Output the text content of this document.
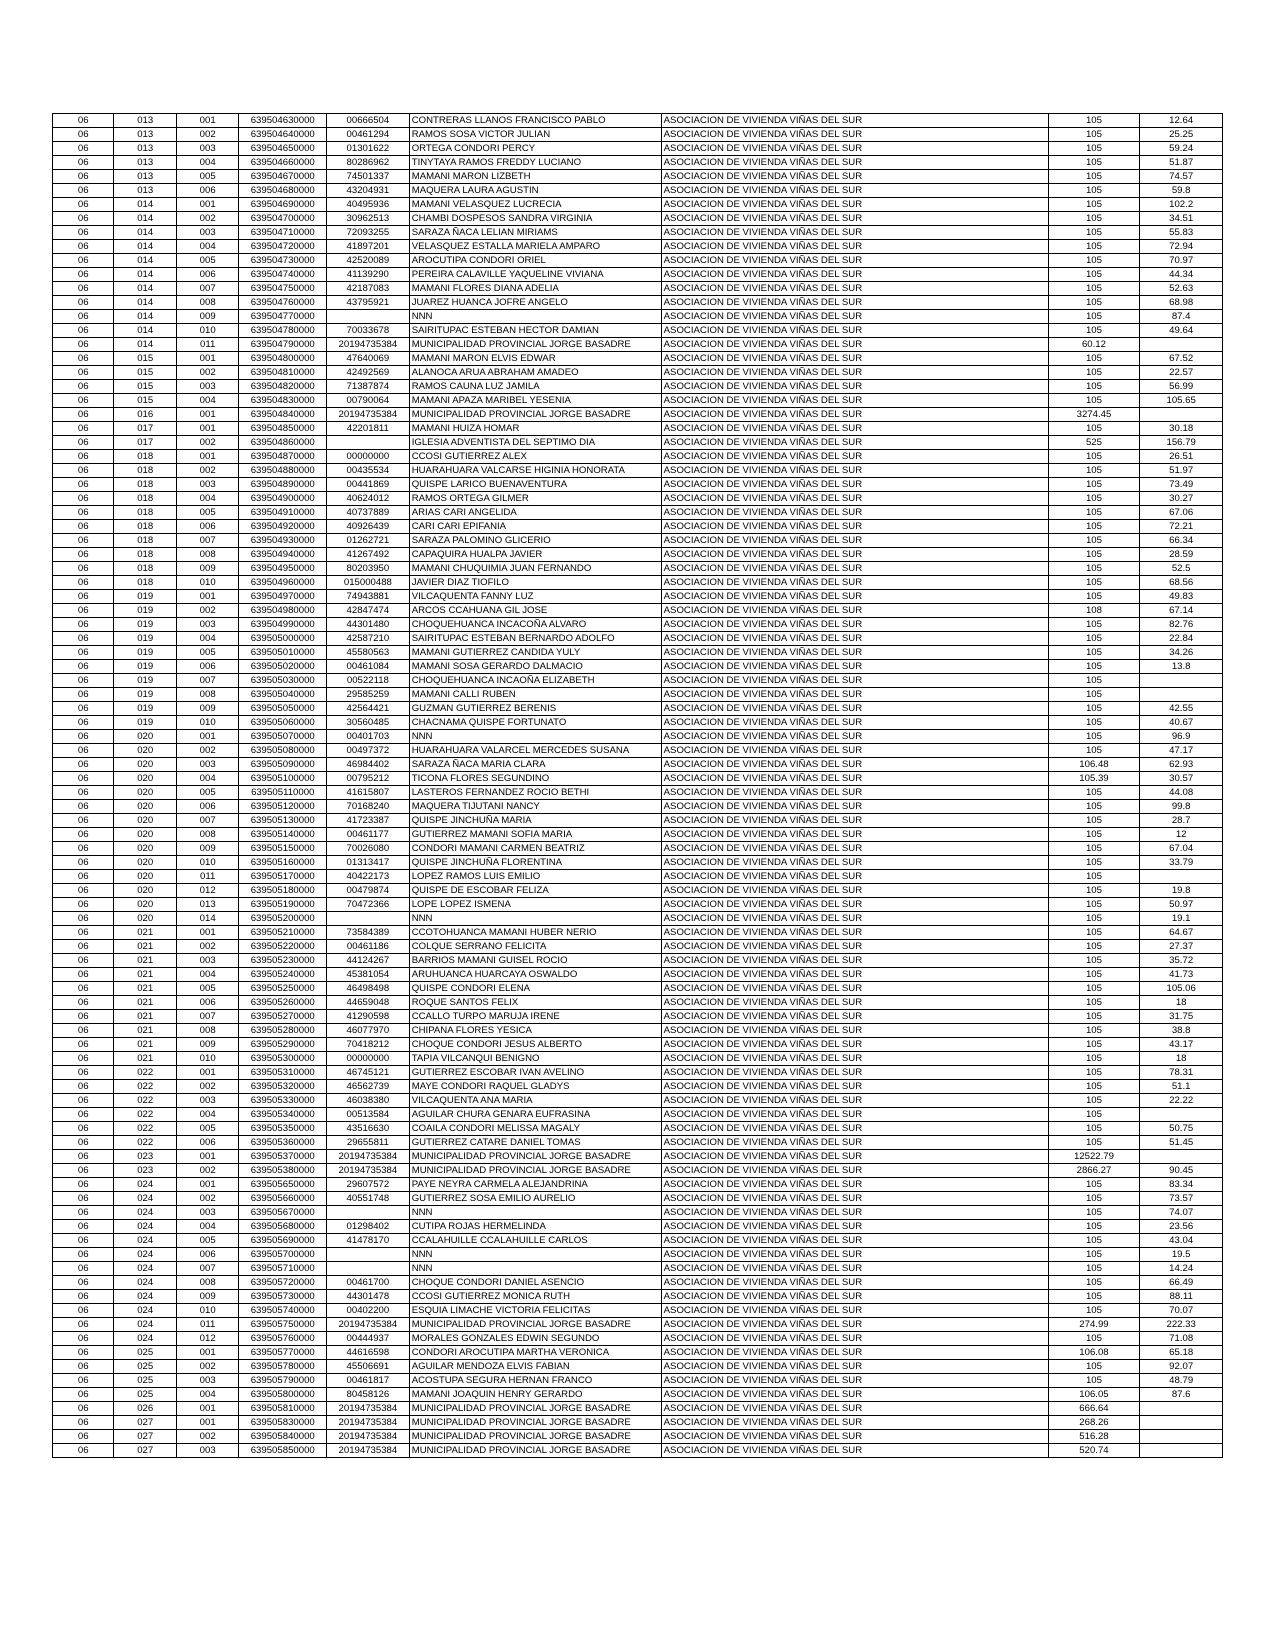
06	013	001	639504630000	00666504	CONTRERAS LLANOS FRANCISCO PABLO	ASOCIACION DE VIVIENDA VIÑAS DEL SUR	105	12.64
06	013	002	639504640000	00461294	RAMOS SOSA VICTOR JULIAN	ASOCIACION DE VIVIENDA VIÑAS DEL SUR	105	25.25
06	013	003	639504650000	01301622	ORTEGA CONDORI PERCY	ASOCIACION DE VIVIENDA VIÑAS DEL SUR	105	59.24
06	013	004	639504660000	80286962	TINYTAYA RAMOS FREDDY LUCIANO	ASOCIACION DE VIVIENDA VIÑAS DEL SUR	105	51.87
06	013	005	639504670000	74501337	MAMANI MARON LIZBETH	ASOCIACION DE VIVIENDA VIÑAS DEL SUR	105	74.57
06	013	006	639504680000	43204931	MAQUERA LAURA AGUSTIN	ASOCIACION DE VIVIENDA VIÑAS DEL SUR	105	59.8
06	014	001	639504690000	40495936	MAMANI VELASQUEZ LUCRECIA	ASOCIACION DE VIVIENDA VIÑAS DEL SUR	105	102.2
06	014	002	639504700000	30962513	CHAMBI DOSPESOS SANDRA VIRGINIA	ASOCIACION DE VIVIENDA VIÑAS DEL SUR	105	34.51
06	014	003	639504710000	72093255	SARAZA ÑACA LELIAN MIRIAMS	ASOCIACION DE VIVIENDA VIÑAS DEL SUR	105	55.83
06	014	004	639504720000	41897201	VELASQUEZ ESTALLA MARIELA AMPARO	ASOCIACION DE VIVIENDA VIÑAS DEL SUR	105	72.94
06	014	005	639504730000	42520089	AROCUTIPA CONDORI ORIEL	ASOCIACION DE VIVIENDA VIÑAS DEL SUR	105	70.97
06	014	006	639504740000	41139290	PEREIRA CALAVILLE YAQUELINE VIVIANA	ASOCIACION DE VIVIENDA VIÑAS DEL SUR	105	44.34
06	014	007	639504750000	42187083	MAMANI FLORES DIANA ADELIA	ASOCIACION DE VIVIENDA VIÑAS DEL SUR	105	52.63
06	014	008	639504760000	43795921	JUAREZ HUANCA JOFRE ANGELO	ASOCIACION DE VIVIENDA VIÑAS DEL SUR	105	68.98
06	014	009	639504770000		NNN	ASOCIACION DE VIVIENDA VIÑAS DEL SUR	105	87.4
06	014	010	639504780000	70033678	SAIRITUPAC ESTEBAN HECTOR DAMIAN	ASOCIACION DE VIVIENDA VIÑAS DEL SUR	105	49.64
06	014	011	639504790000	20194735384	MUNICIPALIDAD PROVINCIAL JORGE BASADRE	ASOCIACION DE VIVIENDA VIÑAS DEL SUR	60.12	
06	015	001	639504800000	47640069	MAMANI MARON ELVIS EDWAR	ASOCIACION DE VIVIENDA VIÑAS DEL SUR	105	67.52
06	015	002	639504810000	42492569	ALANOCA ARUA ABRAHAM AMADEO	ASOCIACION DE VIVIENDA VIÑAS DEL SUR	105	22.57
06	015	003	639504820000	71387874	RAMOS CAUNA LUZ JAMILA	ASOCIACION DE VIVIENDA VIÑAS DEL SUR	105	56.99
06	015	004	639504830000	00790064	MAMANI APAZA MARIBEL YESENIA	ASOCIACION DE VIVIENDA VIÑAS DEL SUR	105	105.65
06	016	001	639504840000	20194735384	MUNICIPALIDAD PROVINCIAL JORGE BASADRE	ASOCIACION DE VIVIENDA VIÑAS DEL SUR	3274.45	
06	017	001	639504850000	42201811	MAMANI HUIZA HOMAR	ASOCIACION DE VIVIENDA VIÑAS DEL SUR	105	30.18
06	017	002	639504860000		IGLESIA ADVENTISTA DEL SEPTIMO DIA	ASOCIACION DE VIVIENDA VIÑAS DEL SUR	525	156.79
06	018	001	639504870000	00000000	CCOSI GUTIERREZ ALEX	ASOCIACION DE VIVIENDA VIÑAS DEL SUR	105	26.51
06	018	002	639504880000	00435534	HUARAHUARA VALCARSE HIGINIA HONORATA	ASOCIACION DE VIVIENDA VIÑAS DEL SUR	105	51.97
06	018	003	639504890000	00441869	QUISPE LARICO BUENAVENTURA	ASOCIACION DE VIVIENDA VIÑAS DEL SUR	105	73.49
06	018	004	639504900000	40624012	RAMOS ORTEGA GILMER	ASOCIACION DE VIVIENDA VIÑAS DEL SUR	105	30.27
06	018	005	639504910000	40737889	ARIAS CARI ANGELIDA	ASOCIACION DE VIVIENDA VIÑAS DEL SUR	105	67.06
06	018	006	639504920000	40926439	CARI CARI EPIFANIA	ASOCIACION DE VIVIENDA VIÑAS DEL SUR	105	72.21
06	018	007	639504930000	01262721	SARAZA PALOMINO GLICERIO	ASOCIACION DE VIVIENDA VIÑAS DEL SUR	105	66.34
06	018	008	639504940000	41267492	CAPAQUIRA HUALPA JAVIER	ASOCIACION DE VIVIENDA VIÑAS DEL SUR	105	28.59
06	018	009	639504950000	80203950	MAMANI CHUQUIMIA JUAN FERNANDO	ASOCIACION DE VIVIENDA VIÑAS DEL SUR	105	52.5
06	018	010	639504960000	015000488	JAVIER DIAZ TIOFILO	ASOCIACION DE VIVIENDA VIÑAS DEL SUR	105	68.56
06	019	001	639504970000	74943881	VILCAQUENTA FANNY LUZ	ASOCIACION DE VIVIENDA VIÑAS DEL SUR	105	49.83
06	019	002	639504980000	42847474	ARCOS CCAHUANA GIL JOSE	ASOCIACION DE VIVIENDA VIÑAS DEL SUR	108	67.14
06	019	003	639504990000	44301480	CHOQUEHUANCA INCACOÑA ALVARO	ASOCIACION DE VIVIENDA VIÑAS DEL SUR	105	82.76
06	019	004	639505000000	42587210	SAIRITUPAC ESTEBAN BERNARDO ADOLFO	ASOCIACION DE VIVIENDA VIÑAS DEL SUR	105	22.84
06	019	005	639505010000	45580563	MAMANI GUTIERREZ CANDIDA YULY	ASOCIACION DE VIVIENDA VIÑAS DEL SUR	105	34.26
06	019	006	639505020000	00461084	MAMANI SOSA GERARDO DALMACIO	ASOCIACION DE VIVIENDA VIÑAS DEL SUR	105	13.8
06	019	007	639505030000	00522118	CHOQUEHUANCA INCAOÑA ELIZABETH	ASOCIACION DE VIVIENDA VIÑAS DEL SUR	105	
06	019	008	639505040000	29585259	MAMANI CALLI RUBEN	ASOCIACION DE VIVIENDA VIÑAS DEL SUR	105	
06	019	009	639505050000	42564421	GUZMAN GUTIERREZ BERENIS	ASOCIACION DE VIVIENDA VIÑAS DEL SUR	105	42.55
06	019	010	639505060000	30560485	CHACNAMA QUISPE FORTUNATO	ASOCIACION DE VIVIENDA VIÑAS DEL SUR	105	40.67
06	020	001	639505070000	00401703	NNN	ASOCIACION DE VIVIENDA VIÑAS DEL SUR	105	96.9
06	020	002	639505080000	00497372	HUARAHUARA VALARCEL MERCEDES SUSANA	ASOCIACION DE VIVIENDA VIÑAS DEL SUR	105	47.17
06	020	003	639505090000	46984402	SARAZA ÑACA MARIA CLARA	ASOCIACION DE VIVIENDA VIÑAS DEL SUR	106.48	62.93
06	020	004	639505100000	00795212	TICONA FLORES SEGUNDINO	ASOCIACION DE VIVIENDA VIÑAS DEL SUR	105.39	30.57
06	020	005	639505110000	41615807	LASTEROS FERNANDEZ ROCIO BETHI	ASOCIACION DE VIVIENDA VIÑAS DEL SUR	105	44.08
06	020	006	639505120000	70168240	MAQUERA TIJUTANI NANCY	ASOCIACION DE VIVIENDA VIÑAS DEL SUR	105	99.8
06	020	007	639505130000	41723387	QUISPE JINCHUÑA MARIA	ASOCIACION DE VIVIENDA VIÑAS DEL SUR	105	28.7
06	020	008	639505140000	00461177	GUTIERREZ MAMANI SOFIA MARIA	ASOCIACION DE VIVIENDA VIÑAS DEL SUR	105	12
06	020	009	639505150000	70026080	CONDORI MAMANI CARMEN BEATRIZ	ASOCIACION DE VIVIENDA VIÑAS DEL SUR	105	67.04
06	020	010	639505160000	01313417	QUISPE JINCHUÑA FLORENTINA	ASOCIACION DE VIVIENDA VIÑAS DEL SUR	105	33.79
06	020	011	639505170000	40422173	LOPEZ RAMOS LUIS EMILIO	ASOCIACION DE VIVIENDA VIÑAS DEL SUR	105	
06	020	012	639505180000	00479874	QUISPE DE ESCOBAR FELIZA	ASOCIACION DE VIVIENDA VIÑAS DEL SUR	105	19.8
06	020	013	639505190000	70472366	LOPE LOPEZ ISMENA	ASOCIACION DE VIVIENDA VIÑAS DEL SUR	105	50.97
06	020	014	639505200000		NNN	ASOCIACION DE VIVIENDA VIÑAS DEL SUR	105	19.1
06	021	001	639505210000	73584389	CCOTOHUANCA MAMANI HUBER NERIO	ASOCIACION DE VIVIENDA VIÑAS DEL SUR	105	64.67
06	021	002	639505220000	00461186	COLQUE SERRANO FELICITA	ASOCIACION DE VIVIENDA VIÑAS DEL SUR	105	27.37
06	021	003	639505230000	44124267	BARRIOS MAMANI GUISEL ROCIO	ASOCIACION DE VIVIENDA VIÑAS DEL SUR	105	35.72
06	021	004	639505240000	45381054	ARUHUANCA HUARCAYA OSWALDO	ASOCIACION DE VIVIENDA VIÑAS DEL SUR	105	41.73
06	021	005	639505250000	46498498	QUISPE CONDORI ELENA	ASOCIACION DE VIVIENDA VIÑAS DEL SUR	105	105.06
06	021	006	639505260000	44659048	ROQUE SANTOS FELIX	ASOCIACION DE VIVIENDA VIÑAS DEL SUR	105	18
06	021	007	639505270000	41290598	CCALLO TURPO MARUJA IRENE	ASOCIACION DE VIVIENDA VIÑAS DEL SUR	105	31.75
06	021	008	639505280000	46077970	CHIPANA FLORES YESICA	ASOCIACION DE VIVIENDA VIÑAS DEL SUR	105	38.8
06	021	009	639505290000	70418212	CHOQUE CONDORI JESUS ALBERTO	ASOCIACION DE VIVIENDA VIÑAS DEL SUR	105	43.17
06	021	010	639505300000	00000000	TAPIA VILCANQUI BENIGNO	ASOCIACION DE VIVIENDA VIÑAS DEL SUR	105	18
06	022	001	639505310000	46745121	GUTIERREZ ESCOBAR IVAN AVELINO	ASOCIACION DE VIVIENDA VIÑAS DEL SUR	105	78.31
06	022	002	639505320000	46562739	MAYE CONDORI RAQUEL GLADYS	ASOCIACION DE VIVIENDA VIÑAS DEL SUR	105	51.1
06	022	003	639505330000	46038380	VILCAQUENTA ANA MARIA	ASOCIACION DE VIVIENDA VIÑAS DEL SUR	105	22.22
06	022	004	639505340000	00513584	AGUILAR CHURA GENARA EUFRASINA	ASOCIACION DE VIVIENDA VIÑAS DEL SUR	105	
06	022	005	639505350000	43516630	COAILA CONDORI MELISSA MAGALY	ASOCIACION DE VIVIENDA VIÑAS DEL SUR	105	50.75
06	022	006	639505360000	29655811	GUTIERREZ CATARE DANIEL TOMAS	ASOCIACION DE VIVIENDA VIÑAS DEL SUR	105	51.45
06	023	001	639505370000	20194735384	MUNICIPALIDAD PROVINCIAL JORGE BASADRE	ASOCIACION DE VIVIENDA VIÑAS DEL SUR	12522.79	
06	023	002	639505380000	20194735384	MUNICIPALIDAD PROVINCIAL JORGE BASADRE	ASOCIACION DE VIVIENDA VIÑAS DEL SUR	2866.27	90.45
06	024	001	639505650000	29607572	PAYE NEYRA CARMELA ALEJANDRINA	ASOCIACION DE VIVIENDA VIÑAS DEL SUR	105	83.34
06	024	002	639505660000	40551748	GUTIERREZ SOSA EMILIO AURELIO	ASOCIACION DE VIVIENDA VIÑAS DEL SUR	105	73.57
06	024	003	639505670000		NNN	ASOCIACION DE VIVIENDA VIÑAS DEL SUR	105	74.07
06	024	004	639505680000	01298402	CUTIPA ROJAS HERMELINDA	ASOCIACION DE VIVIENDA VIÑAS DEL SUR	105	23.56
06	024	005	639505690000	41478170	CCALAHUILLE CCALAHUILLE CARLOS	ASOCIACION DE VIVIENDA VIÑAS DEL SUR	105	43.04
06	024	006	639505700000		NNN	ASOCIACION DE VIVIENDA VIÑAS DEL SUR	105	19.5
06	024	007	639505710000		NNN	ASOCIACION DE VIVIENDA VIÑAS DEL SUR	105	14.24
06	024	008	639505720000	00461700	CHOQUE CONDORI DANIEL ASENCIO	ASOCIACION DE VIVIENDA VIÑAS DEL SUR	105	66.49
06	024	009	639505730000	44301478	CCOSI GUTIERREZ MONICA RUTH	ASOCIACION DE VIVIENDA VIÑAS DEL SUR	105	88.11
06	024	010	639505740000	00402200	ESQUIA LIMACHE VICTORIA FELICITAS	ASOCIACION DE VIVIENDA VIÑAS DEL SUR	105	70.07
06	024	011	639505750000	20194735384	MUNICIPALIDAD PROVINCIAL JORGE BASADRE	ASOCIACION DE VIVIENDA VIÑAS DEL SUR	274.99	222.33
06	024	012	639505760000	00444937	MORALES GONZALES EDWIN SEGUNDO	ASOCIACION DE VIVIENDA VIÑAS DEL SUR	105	71.08
06	025	001	639505770000	44616598	CONDORI AROCUTIPA MARTHA VERONICA	ASOCIACION DE VIVIENDA VIÑAS DEL SUR	106.08	65.18
06	025	002	639505780000	45506691	AGUILAR MENDOZA ELVIS FABIAN	ASOCIACION DE VIVIENDA VIÑAS DEL SUR	105	92.07
06	025	003	639505790000	00461817	ACOSTUPA SEGURA HERNAN FRANCO	ASOCIACION DE VIVIENDA VIÑAS DEL SUR	105	48.79
06	025	004	639505800000	80458126	MAMANI JOAQUIN HENRY GERARDO	ASOCIACION DE VIVIENDA VIÑAS DEL SUR	106.05	87.6
06	026	001	639505810000	20194735384	MUNICIPALIDAD PROVINCIAL JORGE BASADRE	ASOCIACION DE VIVIENDA VIÑAS DEL SUR	666.64	
06	027	001	639505830000	20194735384	MUNICIPALIDAD PROVINCIAL JORGE BASADRE	ASOCIACION DE VIVIENDA VIÑAS DEL SUR	268.26	
06	027	002	639505840000	20194735384	MUNICIPALIDAD PROVINCIAL JORGE BASADRE	ASOCIACION DE VIVIENDA VIÑAS DEL SUR	516.28	
06	027	003	639505850000	20194735384	MUNICIPALIDAD PROVINCIAL JORGE BASADRE	ASOCIACION DE VIVIENDA VIÑAS DEL SUR	520.74	
